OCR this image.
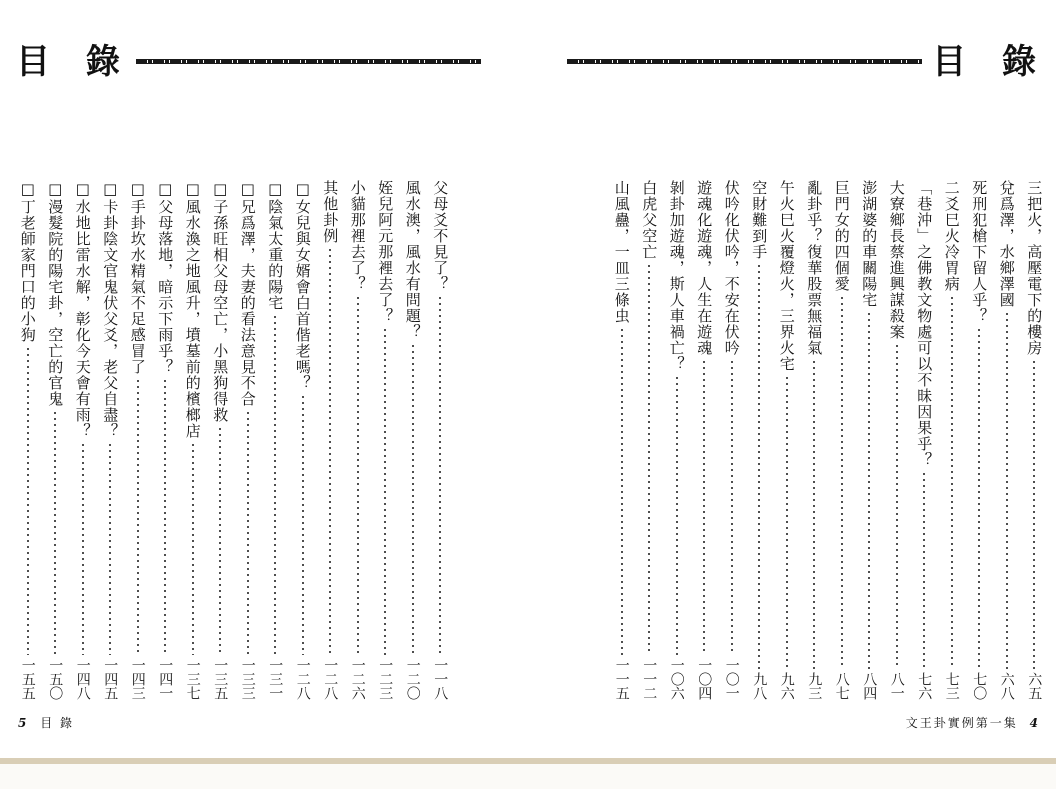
目 錄
父母爻不見了？
一一八
風水澳，風水有問題？
一二〇
姪兒阿元那裡去了？
一二三
小貓那裡去了？
一二六
其他卦例
一二八
□女兒與女婿會白首偕老嗎？
一二八
□陰氣太重的陽宅
一三一
□兄爲澤，夫妻的看法意見不合
一三三
□子孫旺相父母空亡，小黑狗得救
一三五
□風水渙之地風升，墳墓前的檳榔店
一三七
□父母落地，暗示下雨乎？
一四一
□手卦坎水精氣不足感冒了
一四三
□卡卦陰文官鬼伏父爻，老父自盡？
一四五
□水地比雷水解，彰化今天會有雨？
一四八
□漫髮院的陽宅卦，空亡的官鬼
一五〇
□丁老師家門口的小狗
一五五
5 目 錄
目 錄
三把火，高壓電下的樓房
六五
兌爲澤，水鄉澤國
六八
死刑犯槍下留人乎？
七〇
二爻巳火冷胃病
七三
「巷沖」之佛教文物處可以不昧因果乎？
七六
大寮鄉長蔡進興謀殺案
八一
澎湖婆的車關陽宅
八四
巨門女的四個愛
八七
亂卦乎？復華股票無福氣
九三
午火巳火覆燈火，三界火宅
九六
空財難到手
九八
伏吟化伏吟，不安在伏吟
一〇一
遊魂化遊魂，人生在遊魂
一〇四
剝卦加遊魂，斯人車禍亡？
一〇六
白虎父空亡
一一二
山風蠱，一皿三條虫
一一五
文王卦實例第一集 4
